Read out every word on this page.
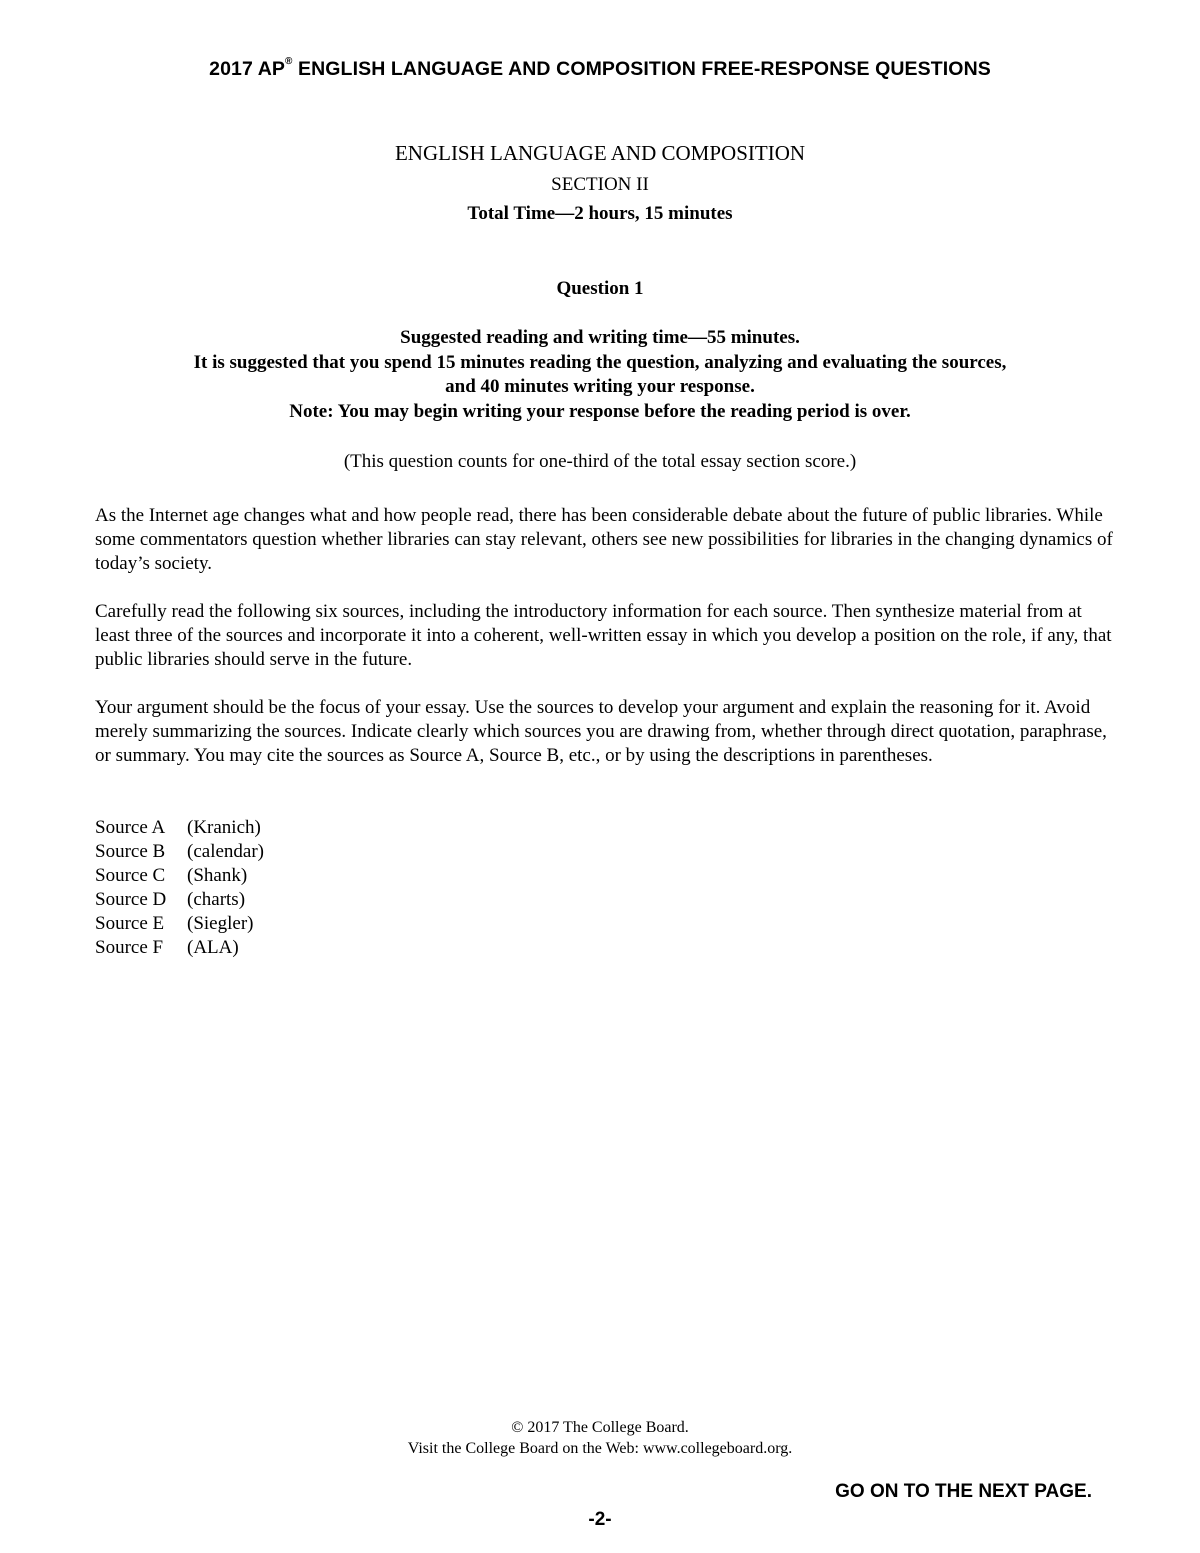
2017 AP® ENGLISH LANGUAGE AND COMPOSITION FREE-RESPONSE QUESTIONS
ENGLISH LANGUAGE AND COMPOSITION
SECTION II
Total Time—2 hours, 15 minutes
Question 1
Suggested reading and writing time—55 minutes.
It is suggested that you spend 15 minutes reading the question, analyzing and evaluating the sources,
and 40 minutes writing your response.
Note: You may begin writing your response before the reading period is over.
(This question counts for one-third of the total essay section score.)
As the Internet age changes what and how people read, there has been considerable debate about the future of public libraries. While some commentators question whether libraries can stay relevant, others see new possibilities for libraries in the changing dynamics of today’s society.
Carefully read the following six sources, including the introductory information for each source. Then synthesize material from at least three of the sources and incorporate it into a coherent, well-written essay in which you develop a position on the role, if any, that public libraries should serve in the future.
Your argument should be the focus of your essay. Use the sources to develop your argument and explain the reasoning for it. Avoid merely summarizing the sources. Indicate clearly which sources you are drawing from, whether through direct quotation, paraphrase, or summary. You may cite the sources as Source A, Source B, etc., or by using the descriptions in parentheses.
Source A	(Kranich)
Source B	(calendar)
Source C	(Shank)
Source D	(charts)
Source E	(Siegler)
Source F	(ALA)
© 2017 The College Board.
Visit the College Board on the Web: www.collegeboard.org.
GO ON TO THE NEXT PAGE.
-2-
